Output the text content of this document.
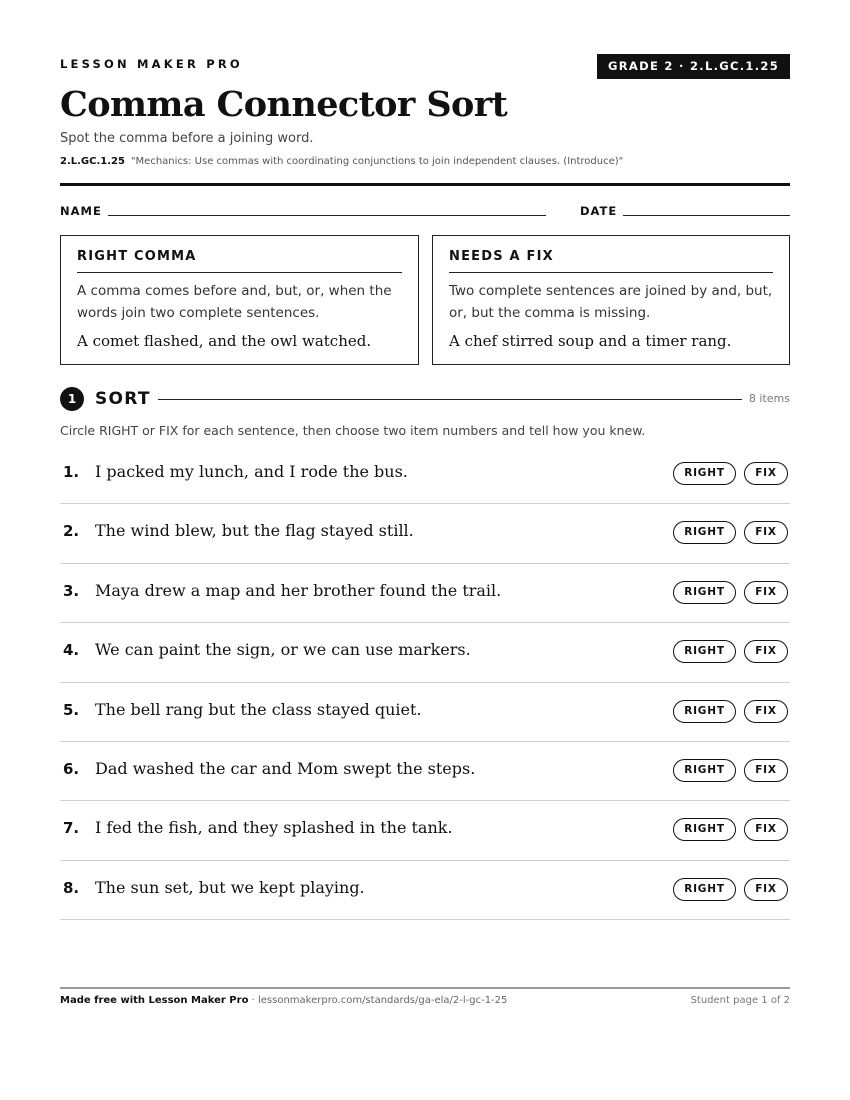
LESSON MAKER PRO	GRADE 2 · 2.L.GC.1.25
Comma Connector Sort
Spot the comma before a joining word.
2.L.GC.1.25 "Mechanics: Use commas with coordinating conjunctions to join independent clauses. (Introduce)"
NAME	DATE
RIGHT COMMA
A comma comes before and, but, or, when the words join two complete sentences.
A comet flashed, and the owl watched.
NEEDS A FIX
Two complete sentences are joined by and, but, or, but the comma is missing.
A chef stirred soup and a timer rang.
1	SORT	8 items
Circle RIGHT or FIX for each sentence, then choose two item numbers and tell how you knew.
1. I packed my lunch, and I rode the bus.	RIGHT	FIX
2. The wind blew, but the flag stayed still.	RIGHT	FIX
3. Maya drew a map and her brother found the trail.	RIGHT	FIX
4. We can paint the sign, or we can use markers.	RIGHT	FIX
5. The bell rang but the class stayed quiet.	RIGHT	FIX
6. Dad washed the car and Mom swept the steps.	RIGHT	FIX
7. I fed the fish, and they splashed in the tank.	RIGHT	FIX
8. The sun set, but we kept playing.	RIGHT	FIX
Made free with Lesson Maker Pro · lessonmakerpro.com/standards/ga-ela/2-l-gc-1-25	Student page 1 of 2
